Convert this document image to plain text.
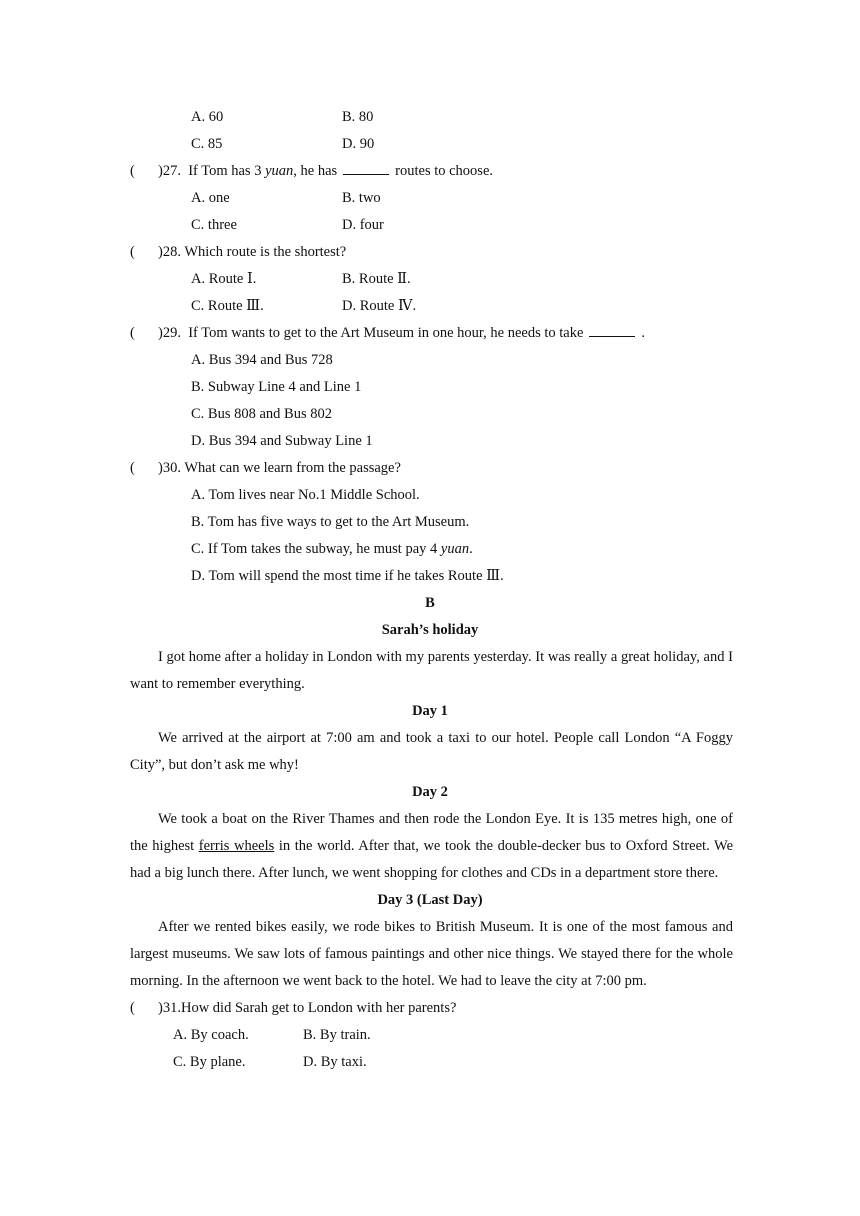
A. 60	B. 80
C. 85	D. 90
( )27. If Tom has 3 yuan, he has	routes to choose.
A. one	B. two
C. three	D. four
( )28. Which route is the shortest?
A. Route Ⅰ.	B. Route Ⅱ.
C. Route Ⅲ.	D. Route Ⅳ.
( )29. If Tom wants to get to the Art Museum in one hour, he needs to take	.
A. Bus 394 and Bus 728
B. Subway Line 4 and Line 1
C. Bus 808 and Bus 802
D. Bus 394 and Subway Line 1
( )30. What can we learn from the passage?
A. Tom lives near No.1 Middle School.
B. Tom has five ways to get to the Art Museum.
C. If Tom takes the subway, he must pay 4 yuan.
D. Tom will spend the most time if he takes Route Ⅲ.
B
Sarah’s holiday
I got home after a holiday in London with my parents yesterday. It was really a great holiday, and I want to remember everything.
Day 1
We arrived at the airport at 7:00 am and took a taxi to our hotel. People call London “A Foggy City”, but don’t ask me why!
Day 2
We took a boat on the River Thames and then rode the London Eye. It is 135 metres high, one of the highest ferris wheels in the world. After that, we took the double-decker bus to Oxford Street. We had a big lunch there. After lunch, we went shopping for clothes and CDs in a department store there.
Day 3 (Last Day)
After we rented bikes easily, we rode bikes to British Museum. It is one of the most famous and largest museums. We saw lots of famous paintings and other nice things. We stayed there for the whole morning. In the afternoon we went back to the hotel. We had to leave the city at 7:00 pm.
( )31.How did Sarah get to London with her parents?
A. By coach.	B. By train.
C. By plane.	D. By taxi.
